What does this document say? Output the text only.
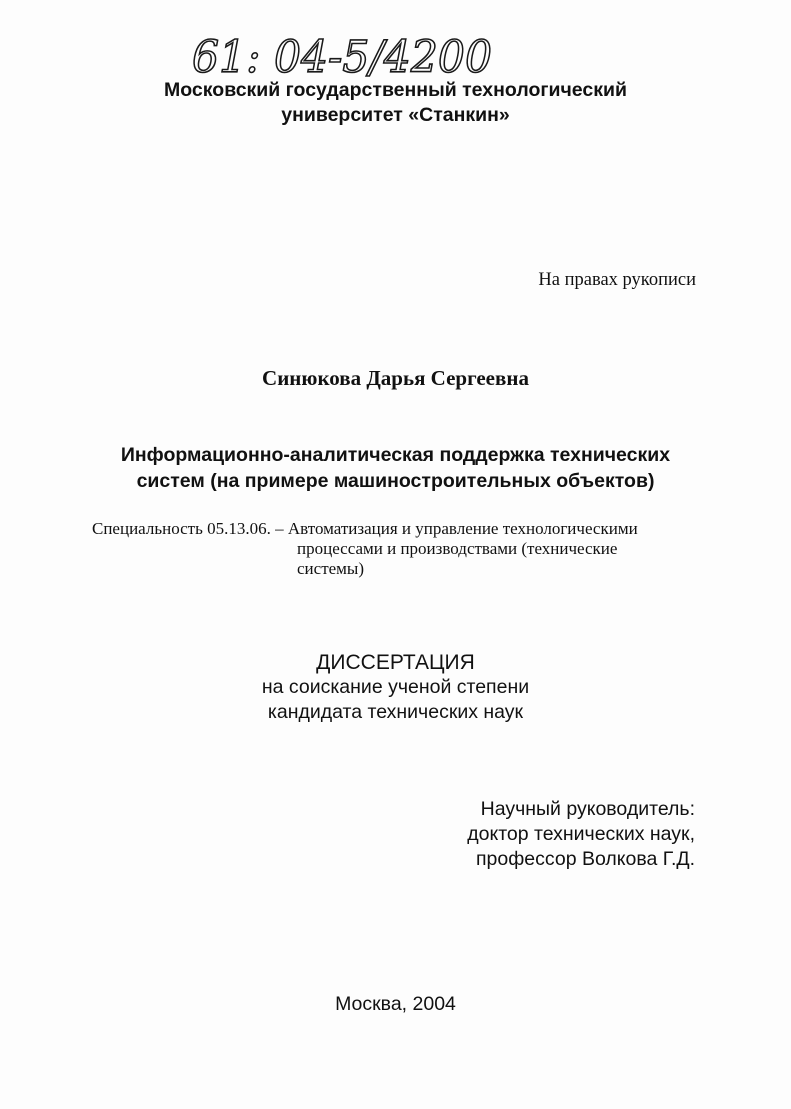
61: 04-5/4200
Московский государственный технологический
университет «Станкин»
На правах рукописи
Синюкова Дарья Сергеевна
Информационно-аналитическая поддержка технических
систем (на примере машиностроительных объектов)
Специальность 05.13.06. – Автоматизация и управление технологическими
процессами и производствами (технические
системы)
ДИССЕРТАЦИЯ
на соискание ученой степени
кандидата технических наук
Научный руководитель:
доктор технических наук,
профессор Волкова Г.Д.
Москва, 2004
